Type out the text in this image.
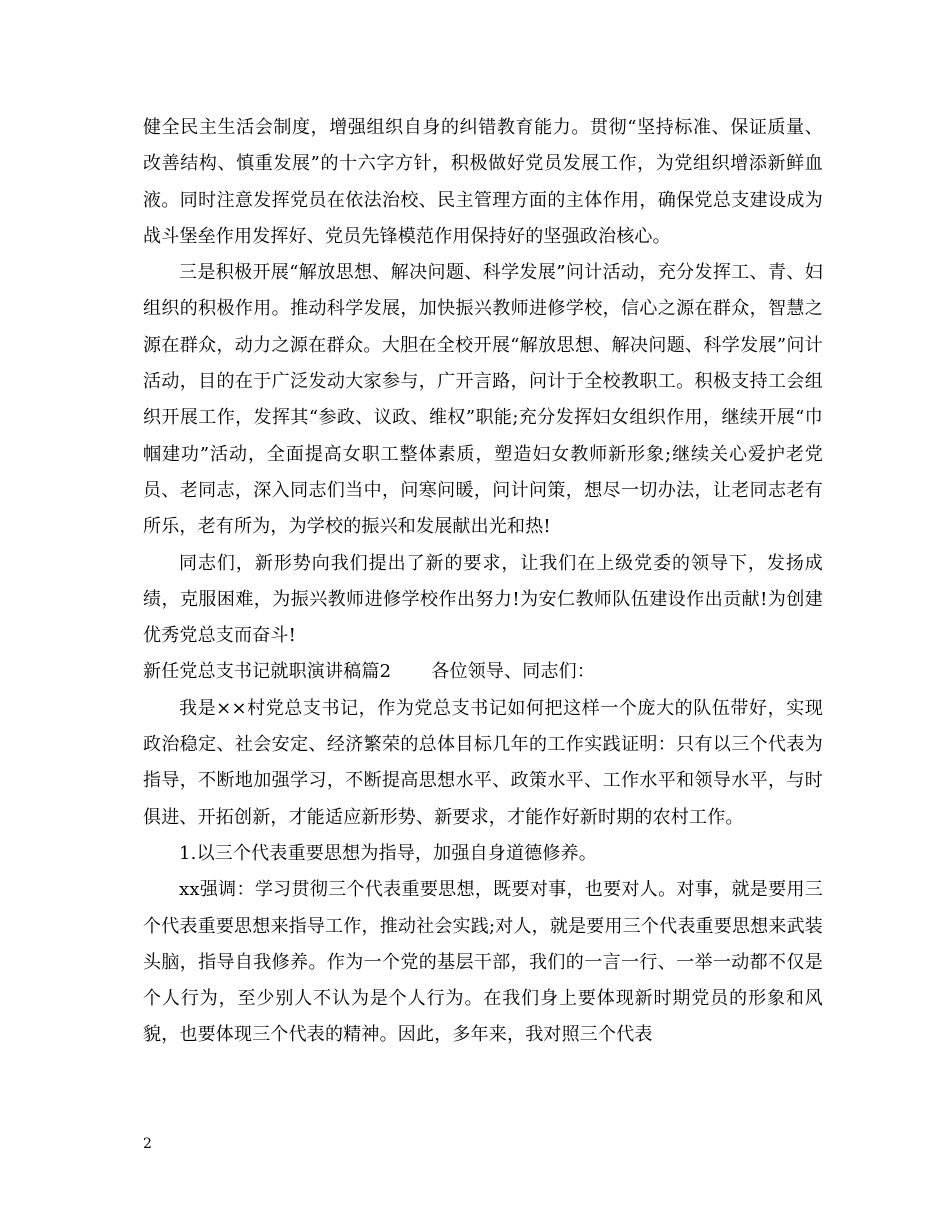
健全民主生活会制度，增强组织自身的纠错教育能力。贯彻“坚持标准、保证质量、改善结构、慎重发展”的十六字方针，积极做好党员发展工作，为党组织增添新鲜血液。同时注意发挥党员在依法治校、民主管理方面的主体作用，确保党总支建设成为战斗堡垒作用发挥好、党员先锋模范作用保持好的坚强政治核心。

三是积极开展“解放思想、解决问题、科学发展”问计活动，充分发挥工、青、妇组织的积极作用。推动科学发展，加快振兴教师进修学校，信心之源在群众，智慧之源在群众，动力之源在群众。大胆在全校开展“解放思想、解决问题、科学发展”问计活动，目的在于广泛发动大家参与，广开言路，问计于全校教职工。积极支持工会组织开展工作，发挥其“参政、议政、维权”职能;充分发挥妇女组织作用，继续开展“巾帼建功”活动，全面提高女职工整体素质，塑造妇女教师新形象;继续关心爱护老党员、老同志，深入同志们当中，问寒问暖，问计问策，想尽一切办法，让老同志老有所乐，老有所为，为学校的振兴和发展献出光和热!

同志们，新形势向我们提出了新的要求，让我们在上级党委的领导下，发扬成绩，克服困难，为振兴教师进修学校作出努力!为安仁教师队伍建设作出贡献!为创建优秀党总支而奋斗!

新任党总支书记就职演讲稿篇2 各位领导、同志们：

我是××村党总支书记，作为党总支书记如何把这样一个庞大的队伍带好，实现政治稳定、社会安定、经济繁荣的总体目标几年的工作实践证明：只有以三个代表为指导，不断地加强学习，不断提高思想水平、政策水平、工作水平和领导水平，与时俱进、开拓创新，才能适应新形势、新要求，才能作好新时期的农村工作。

1.以三个代表重要思想为指导，加强自身道德修养。

xx强调：学习贯彻三个代表重要思想，既要对事，也要对人。对事，就是要用三个代表重要思想来指导工作，推动社会实践;对人，就是要用三个代表重要思想来武装头脑，指导自我修养。作为一个党的基层干部，我们的一言一行、一举一动都不仅是个人行为，至少别人不认为是个人行为。在我们身上要体现新时期党员的形象和风貌，也要体现三个代表的精神。因此，多年来，我对照三个代表

2
